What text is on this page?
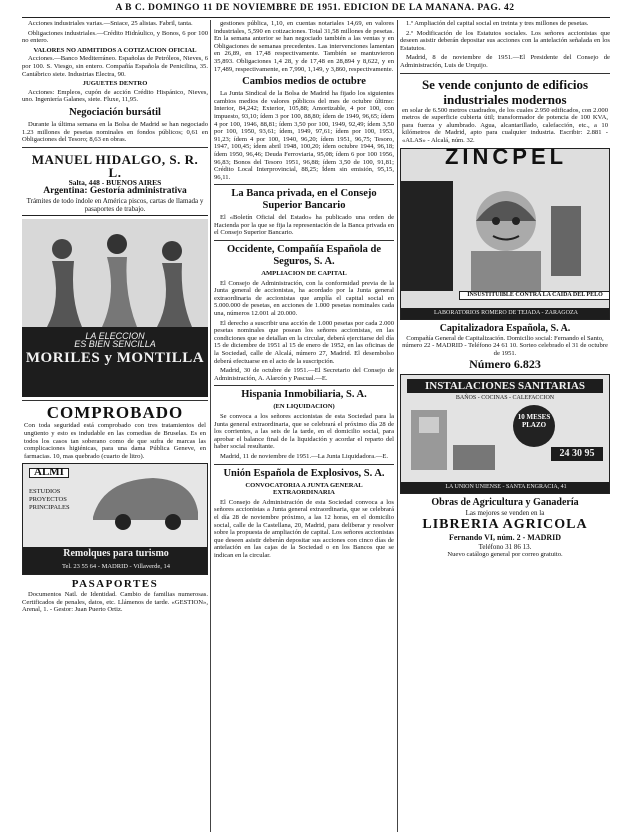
A B C. DOMINGO 11 DE NOVIEMBRE DE 1951. EDICION DE LA MAÑANA. PAG. 42

Acciones industriales varias.—Sniace, 25 alistas. Fabril, tanta.

Obligaciones industriales.—Crédito Hidráulico, y Bonos, 6 por 100 no entero.

VALORES NO ADMITIDOS A COTIZACION OFICIAL

Acciones.—Banco Mediterráneo. Españolas de Petróleos, Nieves, 6 por 100. S. Viesgo, sin entero. Compañía Española de Penicilina, 35. Cantábrico siete. Industrias Electra, 90.

JUGUETES DENTRO

Acciones: Empleos, cupón de acción Crédito Hispánico, Nieves, uno. Ingeniería Galanes, siete. Fluxe, 11,95.

Negociación bursátil

Durante la última semana en la Bolsa de Madrid se han negociado 1.23 millones de pesetas nominales en fondos públicos; 0,61 en Obligaciones del Tesoro; 8,63 en obras.

MANUEL HIDALGO, S. R. L.
Salta, 448 - BUENOS AIRES
Argentina: Gestoría administrativa
Trámites de todo índole en América piscos, cartas de llamada y pasaportes de trabajo.
LA ELECCION
ES BIEN SENCILLA
MORILES y MONTILLA
COMPROBADO
Con toda seguridad está comprobado con tres tratamientos del ungüento y esto es indudable en las comedias de Bruselas. Es en todos los casos tan soberano como de que sufra de marcas las complicaciones higiénicas, para una dama Pública Geneve, en farmacias. 10, mas quebrado (cuarto de litro).
ALMI
ESTUDIOS
PROYECTOS
PRINCIPALES
Remolques para turismo
Tel. 23 55 64 - MADRID - Villaverde, 14
PASAPORTES

Documentos Natl. de Identidad. Cambio de familias numerosas. Certificados de penales, datos, etc. Llámenos de tarde. «GESTION», Arenal, 1. - Gestor: Juan Puerto Ortiz.

gestiones pública, 1,10, en cuentas notariales 14,69, en valores industriales, 5,590 en cotizaciones. Total 31,58 millones de pesetas. En la semana anterior se han negociado también a las ventas y en Obligaciones de semanas precedentes. Las intervenciones lamentan en 26,89, en 17,48 respectivamente. También se mantuvieron 35,893. Obligaciones 1,4 28, y de 17,48 en 28,894 y 8,622, y en 17,489, respectivamente, en 7,990, 1,149, y 3,860, respectivamente.

Cambios medios de octubre

La Junta Sindical de la Bolsa de Madrid ha fijado los siguientes cambios medios de valores públicos del mes de octubre último: Interior, 84,242; Exterior, 105,88; Amortizable, 4 por 100, con impuesto, 93,10; ídem 3 por 100, 88,80; ídem de 1949, 96,65; ídem 4 por 100, 1946, 88,81; ídem 3,50 por 100, 1949, 92,49; ídem 3,50 por 100, 1950, 93,61; ídem, 1949, 97,61; ídem por 100, 1953, 91,23; ídem 4 por 100, 1940, 96,20; ídem 1951, 96,75; Tesoro, 1947, 100,45; ídem abril 1948, 100,20; ídem octubre 1944, 96,18; ídem 1950, 96,46; Deuda Ferroviaria, 95,08; ídem 6 por 100 1956, 96,83; Bonos del Tesoro 1951, 96,88; ídem 3,50 de 100, 91,81; Crédito Local Interprovincial, 88,25; Ídem sin emisión, 95,15, 96,11.

La Banca privada, en el Consejo Superior Bancario

El «Boletín Oficial del Estado» ha publicado una orden de Hacienda por la que se fija la representación de la Banca privada en el Consejo Superior Bancario.

Occidente, Compañía Española de Seguros, S. A.
AMPLIACION DE CAPITAL

El Consejo de Administración, con la conformidad previa de la Junta general de accionistas, ha acordado por la Junta general extraordinaria de accionistas que amplía el capital social en 5.000.000 de pesetas, en acciones de 1.000 pesetas nominales cada una, números 12.001 al 20.000.

El derecho a suscribir una acción de 1.000 pesetas por cada 2.000 pesetas nominales que posean los señores accionistas, en las condiciones que se detallan en la circular, deberá ejercitarse del día 15 de diciembre de 1951 al 15 de enero de 1952, en las oficinas de la Sociedad, calle de Alcalá, número 27, Madrid. El desembolso deberá efectuarse en el acto de la suscripción.

Madrid, 30 de octubre de 1951.—El Secretario del Consejo de Administración, A. Alarcón y Pascual.—E.

Hispania Inmobiliaria, S. A.
(EN LIQUIDACION)

Se convoca a los señores accionistas de esta Sociedad para la Junta general extraordinaria, que se celebrará el próximo día 28 de los corrientes, a las seis de la tarde, en el domicilio social, para aprobar el balance final de la liquidación y acordar el reparto del haber social resultante.

Madrid, 11 de noviembre de 1951.—La Junta Liquidadora.—E.

Unión Española de Explosivos, S. A.
CONVOCATORIA A JUNTA GENERAL EXTRAORDINARIA

El Consejo de Administración de esta Sociedad convoca a los señores accionistas a Junta general extraordinaria, que se celebrará el día 28 de noviembre próximo, a las 12 horas, en el domicilio social, calle de la Castellana, 20, Madrid, para deliberar y resolver sobre la propuesta de ampliación de capital. Los señores accionistas que deseen asistir deberán depositar sus acciones con cinco días de antelación en las cajas de la Sociedad o en los Bancos que se indican en la circular.

1.º Ampliación del capital social en treinta y tres millones de pesetas.

2.º Modificación de los Estatutos sociales. Los señores accionistas que deseen asistir deberán depositar sus acciones con la antelación señalada en los Estatutos.

Madrid, 8 de noviembre de 1951.—El Presidente del Consejo de Administración, Luis de Urquijo.

Se vende conjunto de edificios industriales modernos
en solar de 6.500 metros cuadrados, de los cuales 2.950 edificados, con 2.000 metros de superficie cubierta útil; transformador de potencia de 100 KVA, para fuerza y alumbrado. Agua, alcantarillado, calefacción, etc., a 10 kilómetros de Madrid, apto para cualquier industria. Escribir: 2.881 - «ALAS» - Alcalá, núm. 32.
ZINCPEL
INSUSTITUIBLE CONTRA LA CAIDA DEL PELO
LABORATORIOS ROMERO DE TEJADA - ZARAGOZA
Capitalizadora Española, S. A.
Compañía General de Capitalización. Domicilio social: Fernando el Santo, número 22 - MADRID - Teléfono 24 61 10. Sorteo celebrado el 31 de octubre de 1951.
Número 6.823
INSTALACIONES SANITARIAS
BAÑOS - COCINAS - CALEFACCION
10 MESES PLAZO
24 30 95
LA UNION UNIENSE - SANTA ENGRACIA, 41
Obras de Agricultura y Ganadería
Las mejores se venden en la
LIBRERIA AGRICOLA
Fernando VI, núm. 2 - MADRID
Teléfono 31 86 13.
Nuevo catálogo general por correo gratuito.
